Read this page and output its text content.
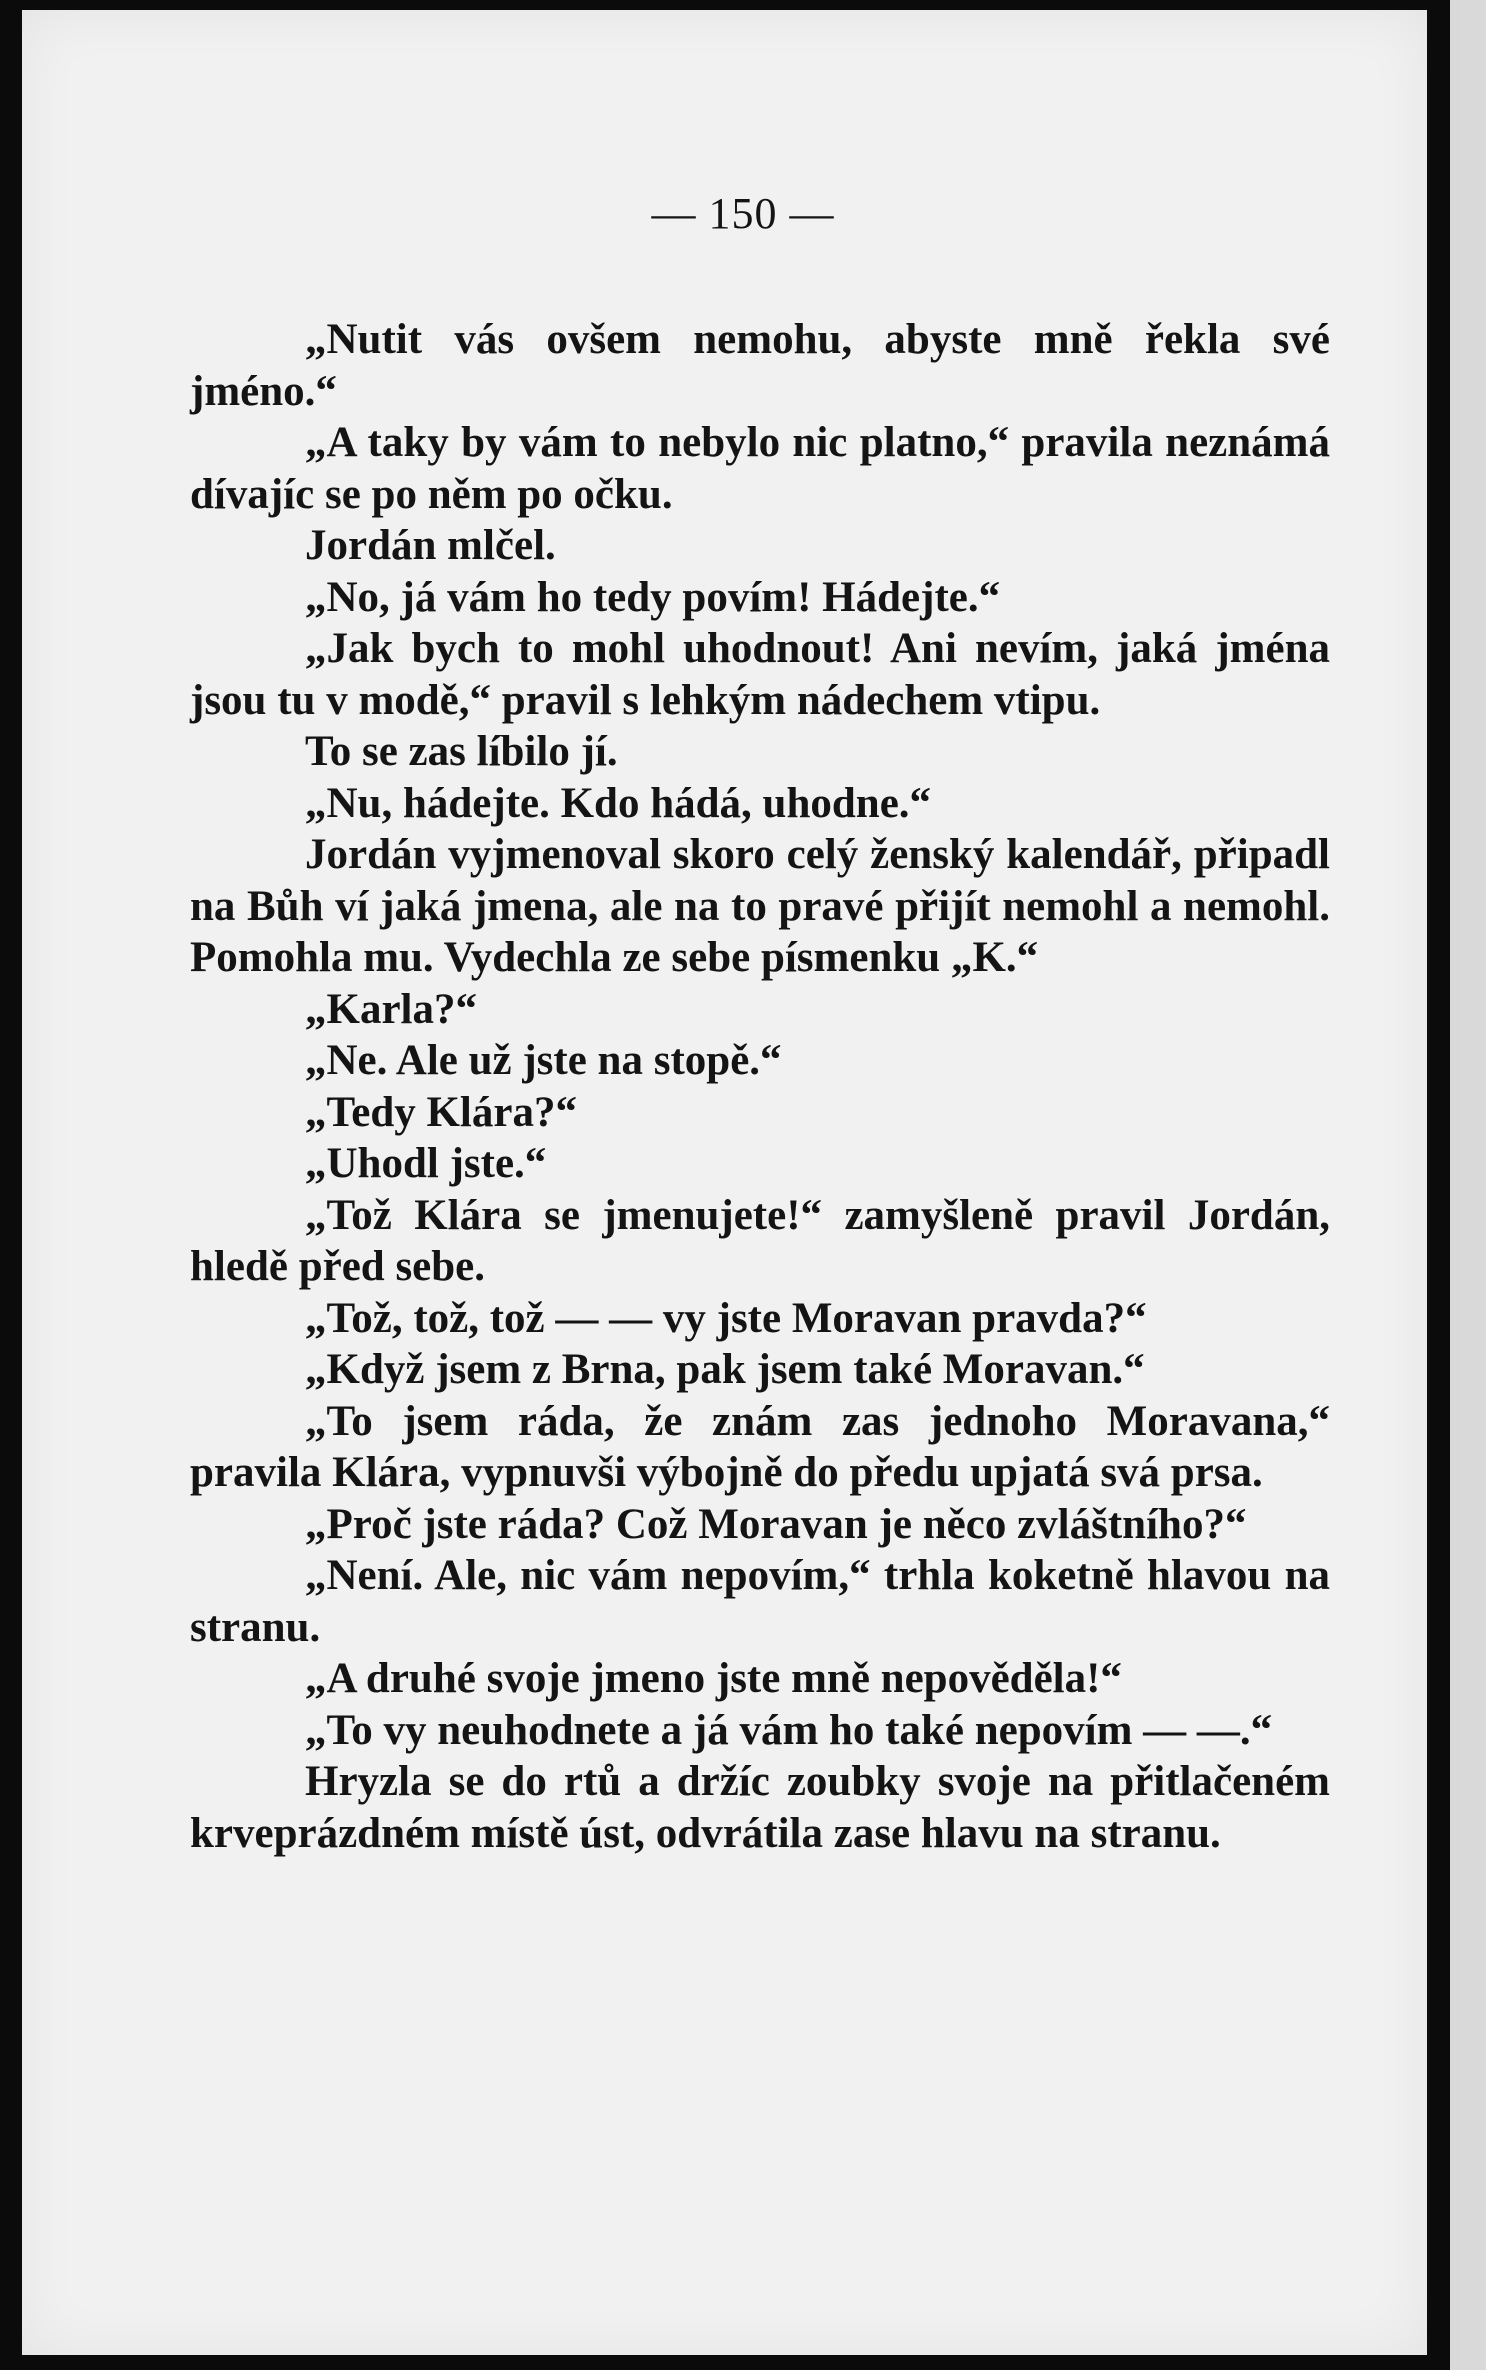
— 150 —

„Nutit vás ovšem nemohu, abyste mně řekla své jméno.“

„A taky by vám to nebylo nic platno,“ pravila neznámá dívajíc se po něm po očku.

Jordán mlčel.

„No, já vám ho tedy povím! Hádejte.“

„Jak bych to mohl uhodnout! Ani nevím, jaká jména jsou tu v modě,“ pravil s lehkým nádechem vtipu.

To se zas líbilo jí.

„Nu, hádejte. Kdo hádá, uhodne.“

Jordán vyjmenoval skoro celý ženský kalendář, připadl na Bůh ví jaká jmena, ale na to pravé přijít nemohl a nemohl. Pomohla mu. Vydechla ze sebe písmenku „K.“

„Karla?“

„Ne. Ale už jste na stopě.“

„Tedy Klára?“

„Uhodl jste.“

„Tož Klára se jmenujete!“ zamyšleně pravil Jordán, hledě před sebe.

„Tož, tož, tož — — vy jste Moravan pravda?“

„Když jsem z Brna, pak jsem také Moravan.“

„To jsem ráda, že znám zas jednoho Moravana,“ pravila Klára, vypnuvši výbojně do předu upjatá svá prsa.

„Proč jste ráda? Což Moravan je něco zvláštního?“

„Není. Ale, nic vám nepovím,“ trhla koketně hlavou na stranu.

„A druhé svoje jmeno jste mně nepověděla!“

„To vy neuhodnete a já vám ho také nepovím — —.“

Hryzla se do rtů a držíc zoubky svoje na přitlačeném krveprázdném místě úst, odvrátila zase hlavu na stranu.
